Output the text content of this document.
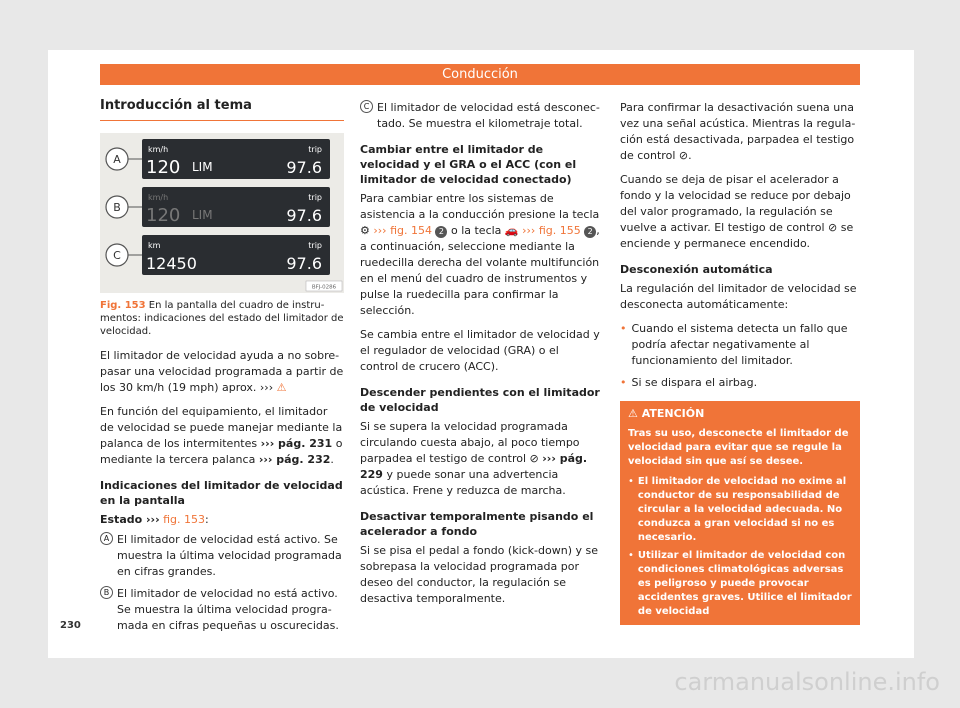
Conducción
Introducción al tema
A
km/h
120 LIM
trip
97.6
B
km/h
120 LIM
trip
97.6
C
km
12450
trip
97.6
BFJ-0286
Fig. 153 En la pantalla del cuadro de instrumentos: indicaciones del estado del limitador de velocidad.

El limitador de velocidad ayuda a no sobrepasar una velocidad programada a partir de los 30 km/h (19 mph) aprox. ››› ⚠

En función del equipamiento, el limitador de velocidad se puede manejar mediante la palanca de los intermitentes ››› pág. 231 o mediante la tercera palanca ››› pág. 232.

Indicaciones del limitador de velocidad en la pantalla

Estado ››› fig. 153:

A El limitador de velocidad está activo. Se muestra la última velocidad programada en cifras grandes.
B El limitador de velocidad no está activo. Se muestra la última velocidad programada en cifras pequeñas u oscurecidas.
C El limitador de velocidad está desconectado. Se muestra el kilometraje total.
Cambiar entre el limitador de velocidad y el GRA o el ACC (con el limitador de velocidad conectado)

Para cambiar entre los sistemas de asistencia a la conducción presione la tecla ⚙ ››› fig. 154 2 o la tecla 🚗 ››› fig. 155 2 , a continuación, seleccione mediante la ruedecilla derecha del volante multifunción en el menú del cuadro de instrumentos y pulse la ruedecilla para confirmar la selección.

Se cambia entre el limitador de velocidad y el regulador de velocidad (GRA) o el control de crucero (ACC).

Descender pendientes con el limitador de velocidad

Si se supera la velocidad programada circulando cuesta abajo, al poco tiempo parpadea el testigo de control ⊘ ››› pág. 229 y puede sonar una advertencia acústica. Frene y reduzca de marcha.

Desactivar temporalmente pisando el acelerador a fondo

Si se pisa el pedal a fondo (kick-down) y se sobrepasa la velocidad programada por deseo del conductor, la regulación se desactiva temporalmente.

Para confirmar la desactivación suena una vez una señal acústica. Mientras la regulación está desactivada, parpadea el testigo de control ⊘.

Cuando se deja de pisar el acelerador a fondo y la velocidad se reduce por debajo del valor programado, la regulación se vuelve a activar. El testigo de control ⊘ se enciende y permanece encendido.

Desconexión automática

La regulación del limitador de velocidad se desconecta automáticamente:

• Cuando el sistema detecta un fallo que podría afectar negativamente al funcionamiento del limitador.
• Si se dispara el airbag.
⚠ ATENCIÓN

Tras su uso, desconecte el limitador de velocidad para evitar que se regule la velocidad sin que así se desee.

• El limitador de velocidad no exime al conductor de su responsabilidad de circular a la velocidad adecuada. No conduzca a gran velocidad si no es necesario.
• Utilizar el limitador de velocidad con condiciones climatológicas adversas es peligroso y puede provocar accidentes graves. Utilice el limitador de velocidad
230
carmanualsonline.info
